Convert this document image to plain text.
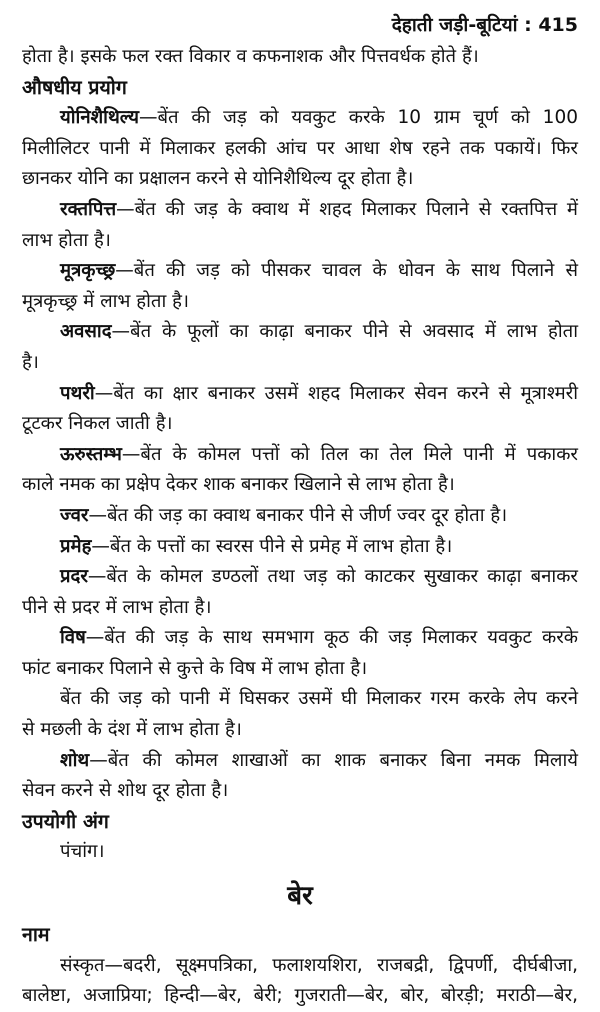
देहाती जड़ी-बूटियां : 415
होता है। इसके फल रक्त विकार व कफनाशक और पित्तवर्धक होते हैं।
औषधीय प्रयोग
योनिशैथिल्य—बेंत की जड़ को यवकुट करके 10 ग्राम चूर्ण को 100
मिलीलिटर पानी में मिलाकर हलकी आंच पर आधा शेष रहने तक पकायें। फिर
छानकर योनि का प्रक्षालन करने से योनिशैथिल्य दूर होता है।
रक्तपित्त—बेंत की जड़ के क्वाथ में शहद मिलाकर पिलाने से रक्तपित्त में
लाभ होता है।
मूत्रकृच्छ्र—बेंत की जड़ को पीसकर चावल के धोवन के साथ पिलाने से
मूत्रकृच्छ्र में लाभ होता है।
अवसाद—बेंत के फूलों का काढ़ा बनाकर पीने से अवसाद में लाभ होता
है।
पथरी—बेंत का क्षार बनाकर उसमें शहद मिलाकर सेवन करने से मूत्राश्मरी
टूटकर निकल जाती है।
ऊरुस्तम्भ—बेंत के कोमल पत्तों को तिल का तेल मिले पानी में पकाकर
काले नमक का प्रक्षेप देकर शाक बनाकर खिलाने से लाभ होता है।
ज्वर—बेंत की जड़ का क्वाथ बनाकर पीने से जीर्ण ज्वर दूर होता है।
प्रमेह—बेंत के पत्तों का स्वरस पीने से प्रमेह में लाभ होता है।
प्रदर—बेंत के कोमल डण्ठलों तथा जड़ को काटकर सुखाकर काढ़ा बनाकर
पीने से प्रदर में लाभ होता है।
विष—बेंत की जड़ के साथ समभाग कूठ की जड़ मिलाकर यवकुट करके
फांट बनाकर पिलाने से कुत्ते के विष में लाभ होता है।
बेंत की जड़ को पानी में घिसकर उसमें घी मिलाकर गरम करके लेप करने
से मछली के दंश में लाभ होता है।
शोथ—बेंत की कोमल शाखाओं का शाक बनाकर बिना नमक मिलाये
सेवन करने से शोथ दूर होता है।
उपयोगी अंग
पंचांग।
बेर
नाम
संस्कृत—बदरी, सूक्ष्मपत्रिका, फलाशयशिरा, राजबद्री, द्विपर्णी, दीर्घबीजा,
बालेष्टा, अजाप्रिया; हिन्दी—बेर, बेरी; गुजराती—बेर, बोर, बोरड़ी; मराठी—बेर,
